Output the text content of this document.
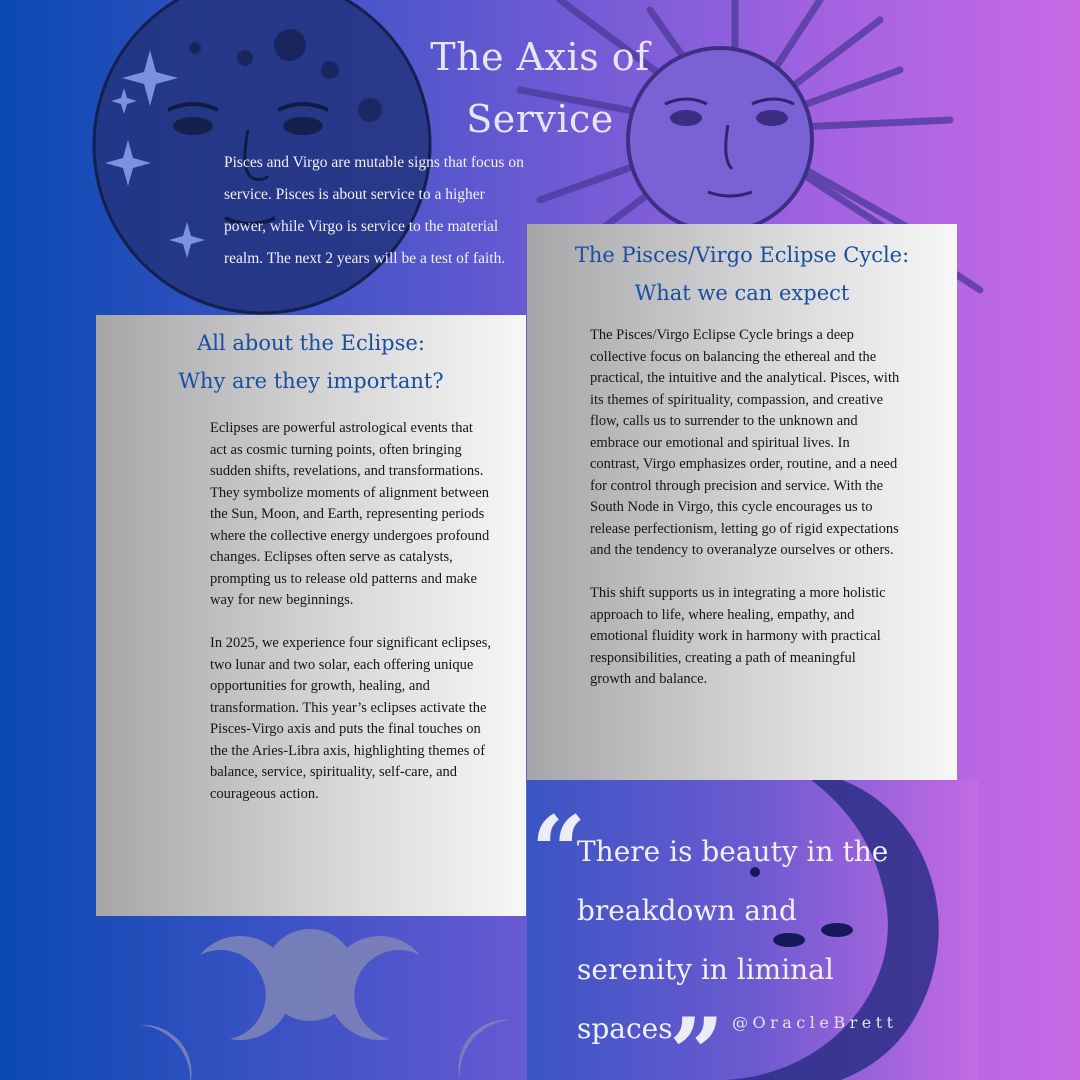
The Axis of Service
Pisces and Virgo are mutable signs that focus on service. Pisces is about service to a higher power, while Virgo is service to the material realm. The next 2 years will be a test of faith.
All about the Eclipse:
Why are they important?

Eclipses are powerful astrological events that act as cosmic turning points, often bringing sudden shifts, revelations, and transformations. They symbolize moments of alignment between the Sun, Moon, and Earth, representing periods where the collective energy undergoes profound changes. Eclipses often serve as catalysts, prompting us to release old patterns and make way for new beginnings.

In 2025, we experience four significant eclipses, two lunar and two solar, each offering unique opportunities for growth, healing, and transformation. This year’s eclipses activate the Pisces-Virgo axis and puts the final touches on the the Aries-Libra axis, highlighting themes of balance, service, spirituality, self-care, and courageous action.

The Pisces/Virgo Eclipse Cycle:
What we can expect

The Pisces/Virgo Eclipse Cycle brings a deep collective focus on balancing the ethereal and the practical, the intuitive and the analytical. Pisces, with its themes of spirituality, compassion, and creative flow, calls us to surrender to the unknown and embrace our emotional and spiritual lives. In contrast, Virgo emphasizes order, routine, and a need for control through precision and service. With the South Node in Virgo, this cycle encourages us to release perfectionism, letting go of rigid expectations and the tendency to overanalyze ourselves or others.

This shift supports us in integrating a more holistic approach to life, where healing, empathy, and emotional fluidity work in harmony with practical responsibilities, creating a path of meaningful growth and balance.

“
There is beauty in the breakdown and serenity in liminal spaces
” @OracleBrett
